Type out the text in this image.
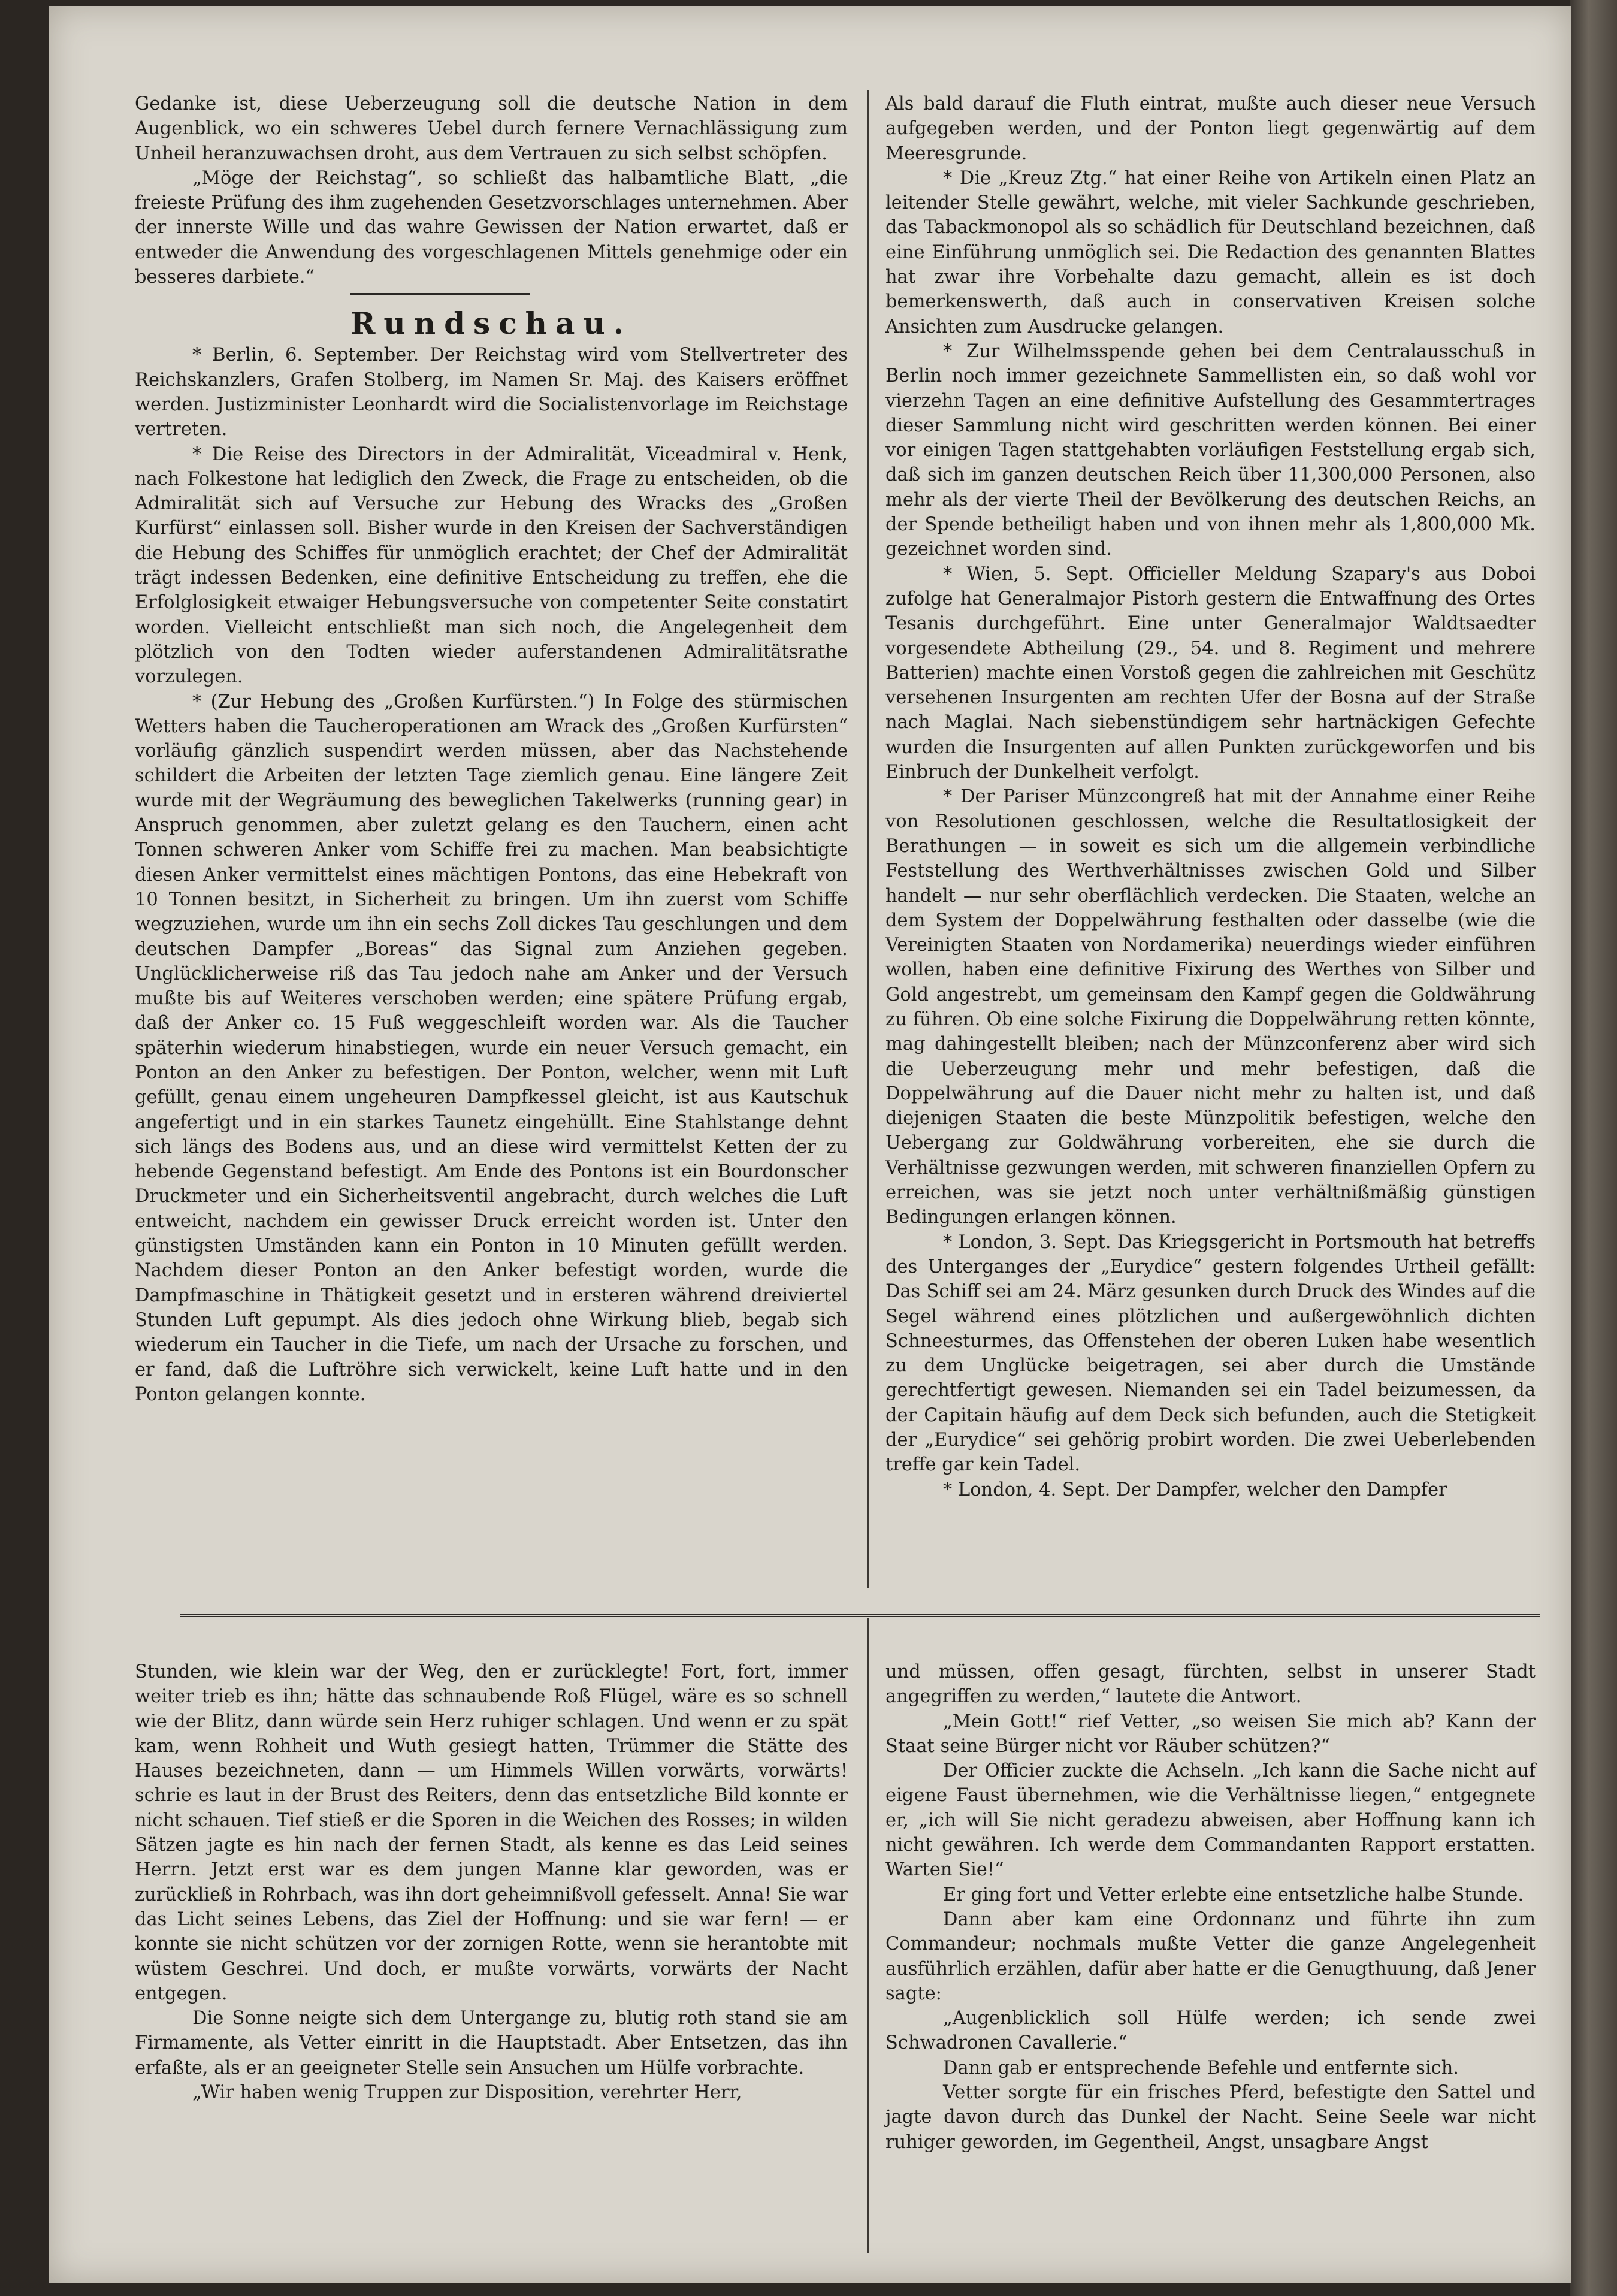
Gedanke ist, diese Ueberzeugung soll die deutsche Nation in dem Augenblick, wo ein schweres Uebel durch fernere Vernachlässigung zum Unheil heranzuwachsen droht, aus dem Vertrauen zu sich selbst schöpfen.

„Möge der Reichstag“, so schließt das halbamtliche Blatt, „die freieste Prüfung des ihm zugehenden Gesetzvorschlages unternehmen. Aber der innerste Wille und das wahre Gewissen der Nation erwartet, daß er entweder die Anwendung des vorgeschlagenen Mittels genehmige oder ein besseres darbiete.“

Rundschau.

* Berlin, 6. September. Der Reichstag wird vom Stellvertreter des Reichskanzlers, Grafen Stolberg, im Namen Sr. Maj. des Kaisers eröffnet werden. Justizminister Leonhardt wird die Socialistenvorlage im Reichstage vertreten.

* Die Reise des Directors in der Admiralität, Viceadmiral v. Henk, nach Folkestone hat lediglich den Zweck, die Frage zu entscheiden, ob die Admiralität sich auf Versuche zur Hebung des Wracks des „Großen Kurfürst“ einlassen soll. Bisher wurde in den Kreisen der Sachverständigen die Hebung des Schiffes für unmöglich erachtet; der Chef der Admiralität trägt indessen Bedenken, eine definitive Entscheidung zu treffen, ehe die Erfolglosigkeit etwaiger Hebungsversuche von competenter Seite constatirt worden. Vielleicht entschließt man sich noch, die Angelegenheit dem plötzlich von den Todten wieder auferstandenen Admiralitätsrathe vorzulegen.

* (Zur Hebung des „Großen Kurfürsten.“) In Folge des stürmischen Wetters haben die Taucheroperationen am Wrack des „Großen Kurfürsten“ vorläufig gänzlich suspendirt werden müssen, aber das Nachstehende schildert die Arbeiten der letzten Tage ziemlich genau. Eine längere Zeit wurde mit der Wegräumung des beweglichen Takelwerks (running gear) in Anspruch genommen, aber zuletzt gelang es den Tauchern, einen acht Tonnen schweren Anker vom Schiffe frei zu machen. Man beabsichtigte diesen Anker vermittelst eines mächtigen Pontons, das eine Hebekraft von 10 Tonnen besitzt, in Sicherheit zu bringen. Um ihn zuerst vom Schiffe wegzuziehen, wurde um ihn ein sechs Zoll dickes Tau geschlungen und dem deutschen Dampfer „Boreas“ das Signal zum Anziehen gegeben. Unglücklicherweise riß das Tau jedoch nahe am Anker und der Versuch mußte bis auf Weiteres verschoben werden; eine spätere Prüfung ergab, daß der Anker co. 15 Fuß weggeschleift worden war. Als die Taucher späterhin wiederum hinabstiegen, wurde ein neuer Versuch gemacht, ein Ponton an den Anker zu befestigen. Der Ponton, welcher, wenn mit Luft gefüllt, genau einem ungeheuren Dampfkessel gleicht, ist aus Kautschuk angefertigt und in ein starkes Taunetz eingehüllt. Eine Stahlstange dehnt sich längs des Bodens aus, und an diese wird vermittelst Ketten der zu hebende Gegenstand befestigt. Am Ende des Pontons ist ein Bourdonscher Druckmeter und ein Sicherheitsventil angebracht, durch welches die Luft entweicht, nachdem ein gewisser Druck erreicht worden ist. Unter den günstigsten Umständen kann ein Ponton in 10 Minuten gefüllt werden. Nachdem dieser Ponton an den Anker befestigt worden, wurde die Dampfmaschine in Thätigkeit gesetzt und in ersteren während dreiviertel Stunden Luft gepumpt. Als dies jedoch ohne Wirkung blieb, begab sich wiederum ein Taucher in die Tiefe, um nach der Ursache zu forschen, und er fand, daß die Luftröhre sich verwickelt, keine Luft hatte und in den Ponton gelangen konnte.

Als bald darauf die Fluth eintrat, mußte auch dieser neue Versuch aufgegeben werden, und der Ponton liegt gegenwärtig auf dem Meeresgrunde.

* Die „Kreuz Ztg.“ hat einer Reihe von Artikeln einen Platz an leitender Stelle gewährt, welche, mit vieler Sachkunde geschrieben, das Tabackmonopol als so schädlich für Deutschland bezeichnen, daß eine Einführung unmöglich sei. Die Redaction des genannten Blattes hat zwar ihre Vorbehalte dazu gemacht, allein es ist doch bemerkenswerth, daß auch in conservativen Kreisen solche Ansichten zum Ausdrucke gelangen.

* Zur Wilhelmsspende gehen bei dem Centralausschuß in Berlin noch immer gezeichnete Sammellisten ein, so daß wohl vor vierzehn Tagen an eine definitive Aufstellung des Gesammtertrages dieser Sammlung nicht wird geschritten werden können. Bei einer vor einigen Tagen stattgehabten vorläufigen Feststellung ergab sich, daß sich im ganzen deutschen Reich über 11,300,000 Personen, also mehr als der vierte Theil der Bevölkerung des deutschen Reichs, an der Spende betheiligt haben und von ihnen mehr als 1,800,000 Mk. gezeichnet worden sind.

* Wien, 5. Sept. Officieller Meldung Szapary's aus Doboi zufolge hat Generalmajor Pistorh gestern die Entwaffnung des Ortes Tesanis durchgeführt. Eine unter Generalmajor Waldtsaedter vorgesendete Abtheilung (29., 54. und 8. Regiment und mehrere Batterien) machte einen Vorstoß gegen die zahlreichen mit Geschütz versehenen Insurgenten am rechten Ufer der Bosna auf der Straße nach Maglai. Nach siebenstündigem sehr hartnäckigen Gefechte wurden die Insurgenten auf allen Punkten zurückgeworfen und bis Einbruch der Dunkelheit verfolgt.

* Der Pariser Münzcongreß hat mit der Annahme einer Reihe von Resolutionen geschlossen, welche die Resultatlosigkeit der Berathungen — in soweit es sich um die allgemein verbindliche Feststellung des Werthverhältnisses zwischen Gold und Silber handelt — nur sehr oberflächlich verdecken. Die Staaten, welche an dem System der Doppelwährung festhalten oder dasselbe (wie die Vereinigten Staaten von Nordamerika) neuerdings wieder einführen wollen, haben eine definitive Fixirung des Werthes von Silber und Gold angestrebt, um gemeinsam den Kampf gegen die Goldwährung zu führen. Ob eine solche Fixirung die Doppelwährung retten könnte, mag dahingestellt bleiben; nach der Münzconferenz aber wird sich die Ueberzeugung mehr und mehr befestigen, daß die Doppelwährung auf die Dauer nicht mehr zu halten ist, und daß diejenigen Staaten die beste Münzpolitik befestigen, welche den Uebergang zur Goldwährung vorbereiten, ehe sie durch die Verhältnisse gezwungen werden, mit schweren finanziellen Opfern zu erreichen, was sie jetzt noch unter verhältnißmäßig günstigen Bedingungen erlangen können.

* London, 3. Sept. Das Kriegsgericht in Portsmouth hat betreffs des Unterganges der „Eurydice“ gestern folgendes Urtheil gefällt: Das Schiff sei am 24. März gesunken durch Druck des Windes auf die Segel während eines plötzlichen und außergewöhnlich dichten Schneesturmes, das Offenstehen der oberen Luken habe wesentlich zu dem Unglücke beigetragen, sei aber durch die Umstände gerechtfertigt gewesen. Niemanden sei ein Tadel beizumessen, da der Capitain häufig auf dem Deck sich befunden, auch die Stetigkeit der „Eurydice“ sei gehörig probirt worden. Die zwei Ueberlebenden treffe gar kein Tadel.

* London, 4. Sept. Der Dampfer, welcher den Dampfer

Stunden, wie klein war der Weg, den er zurücklegte! Fort, fort, immer weiter trieb es ihn; hätte das schnaubende Roß Flügel, wäre es so schnell wie der Blitz, dann würde sein Herz ruhiger schlagen. Und wenn er zu spät kam, wenn Rohheit und Wuth gesiegt hatten, Trümmer die Stätte des Hauses bezeichneten, dann — um Himmels Willen vorwärts, vorwärts! schrie es laut in der Brust des Reiters, denn das entsetzliche Bild konnte er nicht schauen. Tief stieß er die Sporen in die Weichen des Rosses; in wilden Sätzen jagte es hin nach der fernen Stadt, als kenne es das Leid seines Herrn. Jetzt erst war es dem jungen Manne klar geworden, was er zurückließ in Rohrbach, was ihn dort geheimnißvoll gefesselt. Anna! Sie war das Licht seines Lebens, das Ziel der Hoffnung: und sie war fern! — er konnte sie nicht schützen vor der zornigen Rotte, wenn sie herantobte mit wüstem Geschrei. Und doch, er mußte vorwärts, vorwärts der Nacht entgegen.

Die Sonne neigte sich dem Untergange zu, blutig roth stand sie am Firmamente, als Vetter einritt in die Hauptstadt. Aber Entsetzen, das ihn erfaßte, als er an geeigneter Stelle sein Ansuchen um Hülfe vorbrachte.

„Wir haben wenig Truppen zur Disposition, verehrter Herr,

und müssen, offen gesagt, fürchten, selbst in unserer Stadt angegriffen zu werden,“ lautete die Antwort.

„Mein Gott!“ rief Vetter, „so weisen Sie mich ab? Kann der Staat seine Bürger nicht vor Räuber schützen?“

Der Officier zuckte die Achseln. „Ich kann die Sache nicht auf eigene Faust übernehmen, wie die Verhältnisse liegen,“ entgegnete er, „ich will Sie nicht geradezu abweisen, aber Hoffnung kann ich nicht gewähren. Ich werde dem Commandanten Rapport erstatten. Warten Sie!“

Er ging fort und Vetter erlebte eine entsetzliche halbe Stunde.

Dann aber kam eine Ordonnanz und führte ihn zum Commandeur; nochmals mußte Vetter die ganze Angelegenheit ausführlich erzählen, dafür aber hatte er die Genugthuung, daß Jener sagte:

„Augenblicklich soll Hülfe werden; ich sende zwei Schwadronen Cavallerie.“

Dann gab er entsprechende Befehle und entfernte sich.

Vetter sorgte für ein frisches Pferd, befestigte den Sattel und jagte davon durch das Dunkel der Nacht. Seine Seele war nicht ruhiger geworden, im Gegentheil, Angst, unsagbare Angst
